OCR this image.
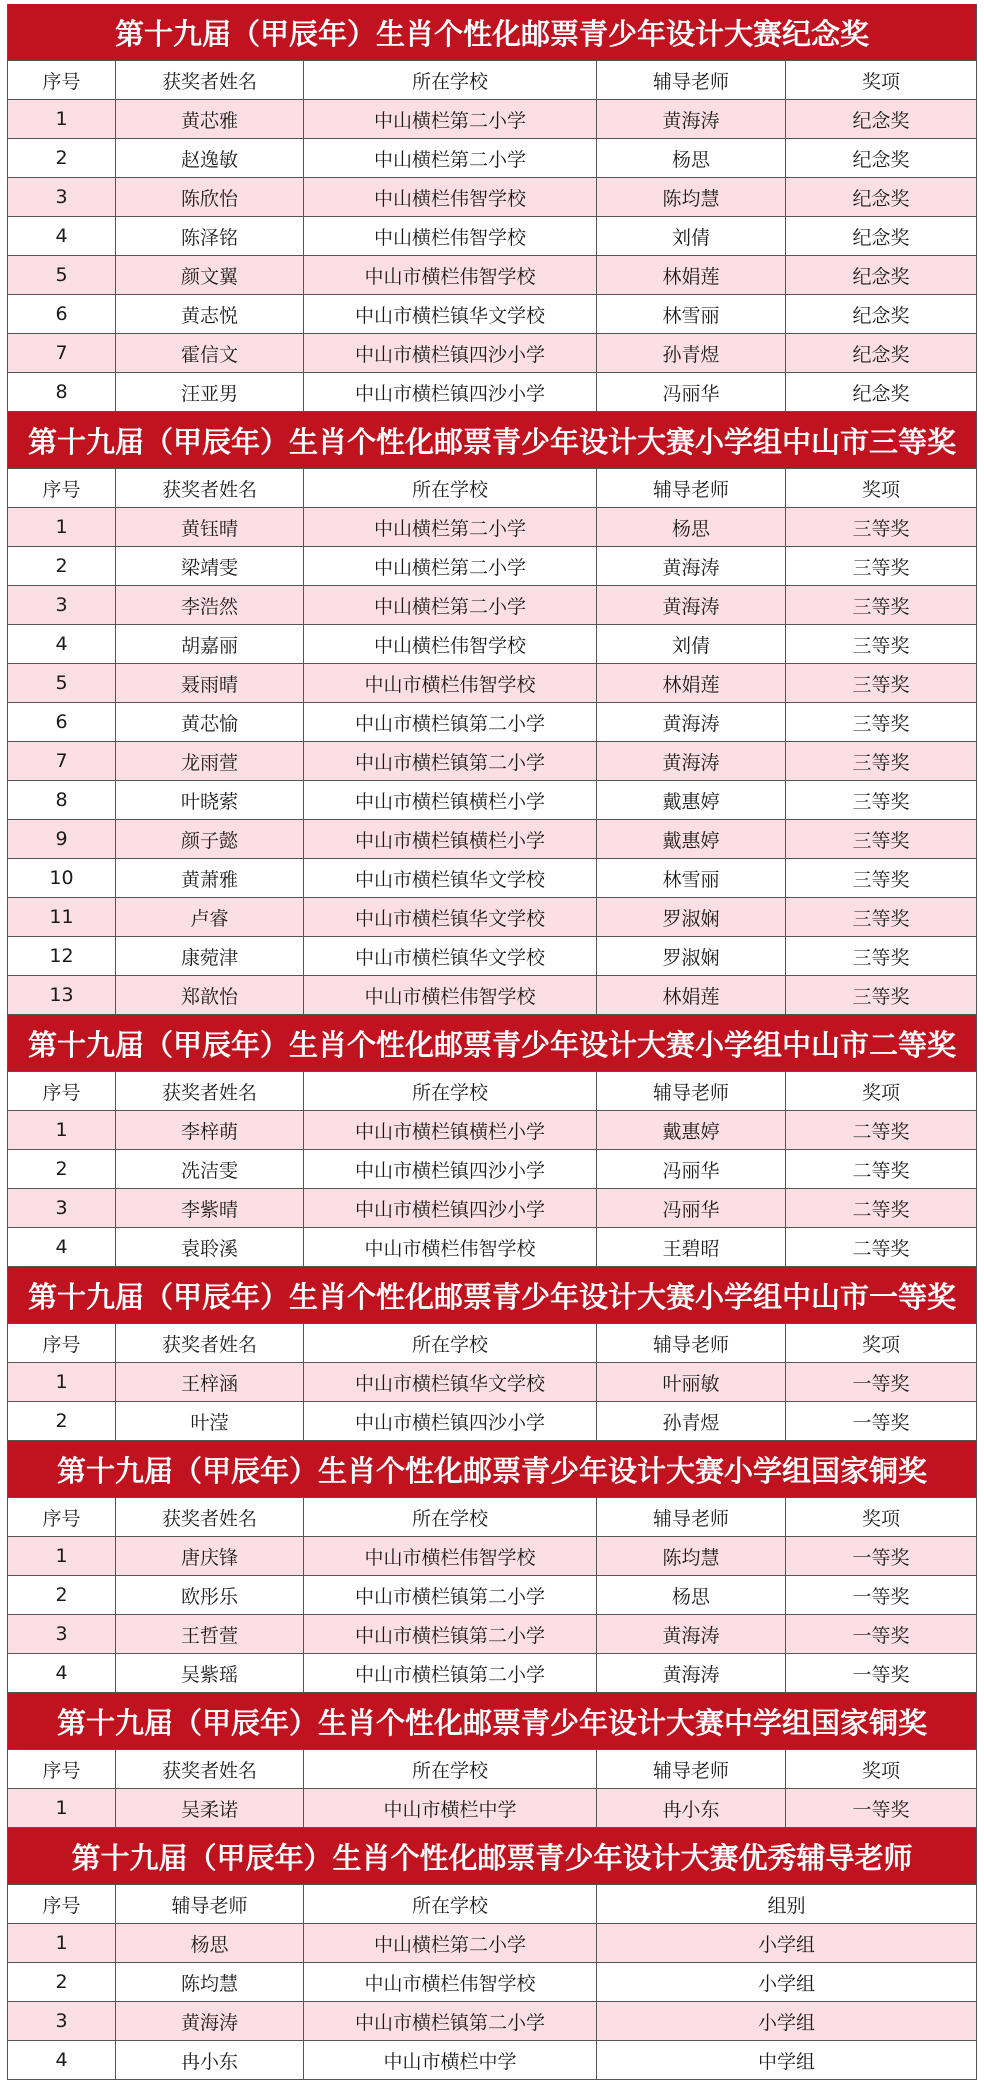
第十九届（甲辰年）生肖个性化邮票青少年设计大赛纪念奖
序号	获奖者姓名	所在学校	辅导老师	奖项
1	黄芯雅	中山横栏第二小学	黄海涛	纪念奖
2	赵逸敏	中山横栏第二小学	杨思	纪念奖
3	陈欣怡	中山横栏伟智学校	陈均慧	纪念奖
4	陈泽铭	中山横栏伟智学校	刘倩	纪念奖
5	颜文翼	中山市横栏伟智学校	林娟莲	纪念奖
6	黄志悦	中山市横栏镇华文学校	林雪丽	纪念奖
7	霍信文	中山市横栏镇四沙小学	孙青煜	纪念奖
8	汪亚男	中山市横栏镇四沙小学	冯丽华	纪念奖
第十九届（甲辰年）生肖个性化邮票青少年设计大赛小学组中山市三等奖
序号	获奖者姓名	所在学校	辅导老师	奖项
1	黄钰晴	中山横栏第二小学	杨思	三等奖
2	梁靖雯	中山横栏第二小学	黄海涛	三等奖
3	李浩然	中山横栏第二小学	黄海涛	三等奖
4	胡嘉丽	中山横栏伟智学校	刘倩	三等奖
5	聂雨晴	中山市横栏伟智学校	林娟莲	三等奖
6	黄芯愉	中山市横栏镇第二小学	黄海涛	三等奖
7	龙雨萱	中山市横栏镇第二小学	黄海涛	三等奖
8	叶晓萦	中山市横栏镇横栏小学	戴惠婷	三等奖
9	颜子懿	中山市横栏镇横栏小学	戴惠婷	三等奖
10	黄萧雅	中山市横栏镇华文学校	林雪丽	三等奖
11	卢睿	中山市横栏镇华文学校	罗淑娴	三等奖
12	康菀津	中山市横栏镇华文学校	罗淑娴	三等奖
13	郑歆怡	中山市横栏伟智学校	林娟莲	三等奖
第十九届（甲辰年）生肖个性化邮票青少年设计大赛小学组中山市二等奖
序号	获奖者姓名	所在学校	辅导老师	奖项
1	李梓萌	中山市横栏镇横栏小学	戴惠婷	二等奖
2	冼洁雯	中山市横栏镇四沙小学	冯丽华	二等奖
3	李紫晴	中山市横栏镇四沙小学	冯丽华	二等奖
4	袁聆溪	中山市横栏伟智学校	王碧昭	二等奖
第十九届（甲辰年）生肖个性化邮票青少年设计大赛小学组中山市一等奖
序号	获奖者姓名	所在学校	辅导老师	奖项
1	王梓涵	中山市横栏镇华文学校	叶丽敏	一等奖
2	叶滢	中山市横栏镇四沙小学	孙青煜	一等奖
第十九届（甲辰年）生肖个性化邮票青少年设计大赛小学组国家铜奖
序号	获奖者姓名	所在学校	辅导老师	奖项
1	唐庆锋	中山市横栏伟智学校	陈均慧	一等奖
2	欧彤乐	中山市横栏镇第二小学	杨思	一等奖
3	王哲萱	中山市横栏镇第二小学	黄海涛	一等奖
4	吴紫瑶	中山市横栏镇第二小学	黄海涛	一等奖
第十九届（甲辰年）生肖个性化邮票青少年设计大赛中学组国家铜奖
序号	获奖者姓名	所在学校	辅导老师	奖项
1	吴柔诺	中山市横栏中学	冉小东	一等奖
第十九届（甲辰年）生肖个性化邮票青少年设计大赛优秀辅导老师
序号	辅导老师	所在学校	组别
1	杨思	中山横栏第二小学	小学组
2	陈均慧	中山市横栏伟智学校	小学组
3	黄海涛	中山市横栏镇第二小学	小学组
4	冉小东	中山市横栏中学	中学组
